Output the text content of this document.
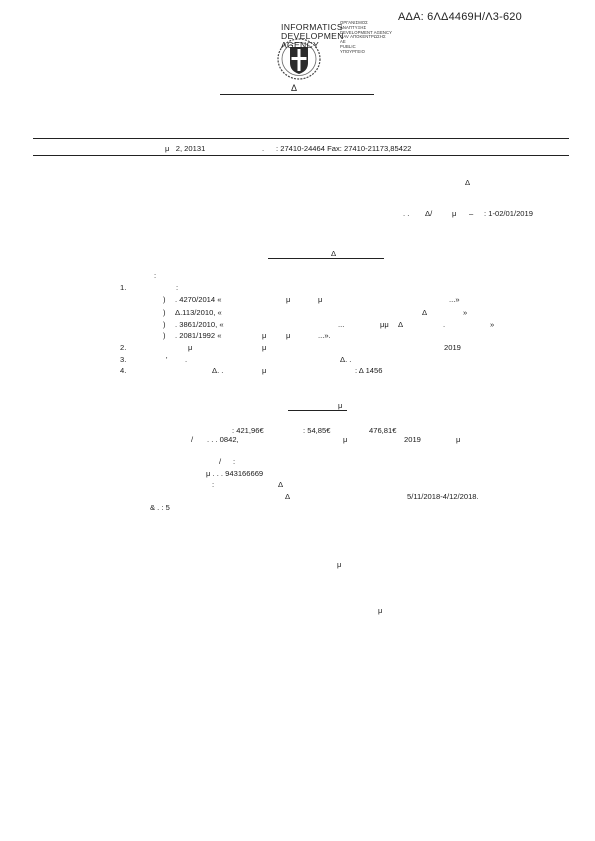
ΑΔΑ: 6ΛΔ4469Η/Λ3-620
INFORMATICS
DEVELOPMEN
AGENCY
ΟΡΓΑΝΙΣΜΟΣ
ΑΝΑΠΤΥΞΗΣ
DEVELOPMENT AGENCY
GAV ΑΠΟΚΕΝΤΡΩΣΗΣ
ΑΕ
PUBLIC
ΥΠΟΥΡΓΕΙΟ
Δ
μ 2, 20131	. : 27410-24464 Fax: 27410-21173,85422
Δ
. . Δ/	μ – : 1-02/01/2019
Δ
:
1.	:
) . 4270/2014 «	μ	μ	...»
) Δ.113/2010, «	Δ	»
) . 3861/2010, «	...	μμ Δ	.	»
) . 2081/1992 «	μ	μ	...».
2.	μ	μ	2019
3.	' .	Δ. .
4.	Δ. .	μ	: Δ 1456
μ
: 421,96€	: 54,85€	476,81€
/ . . . 0842,	μ	2019	μ
/ :
μ . . . 943166669
:	Δ
Δ	5/11/2018-4/12/2018.
& . : 5
μ
μ
